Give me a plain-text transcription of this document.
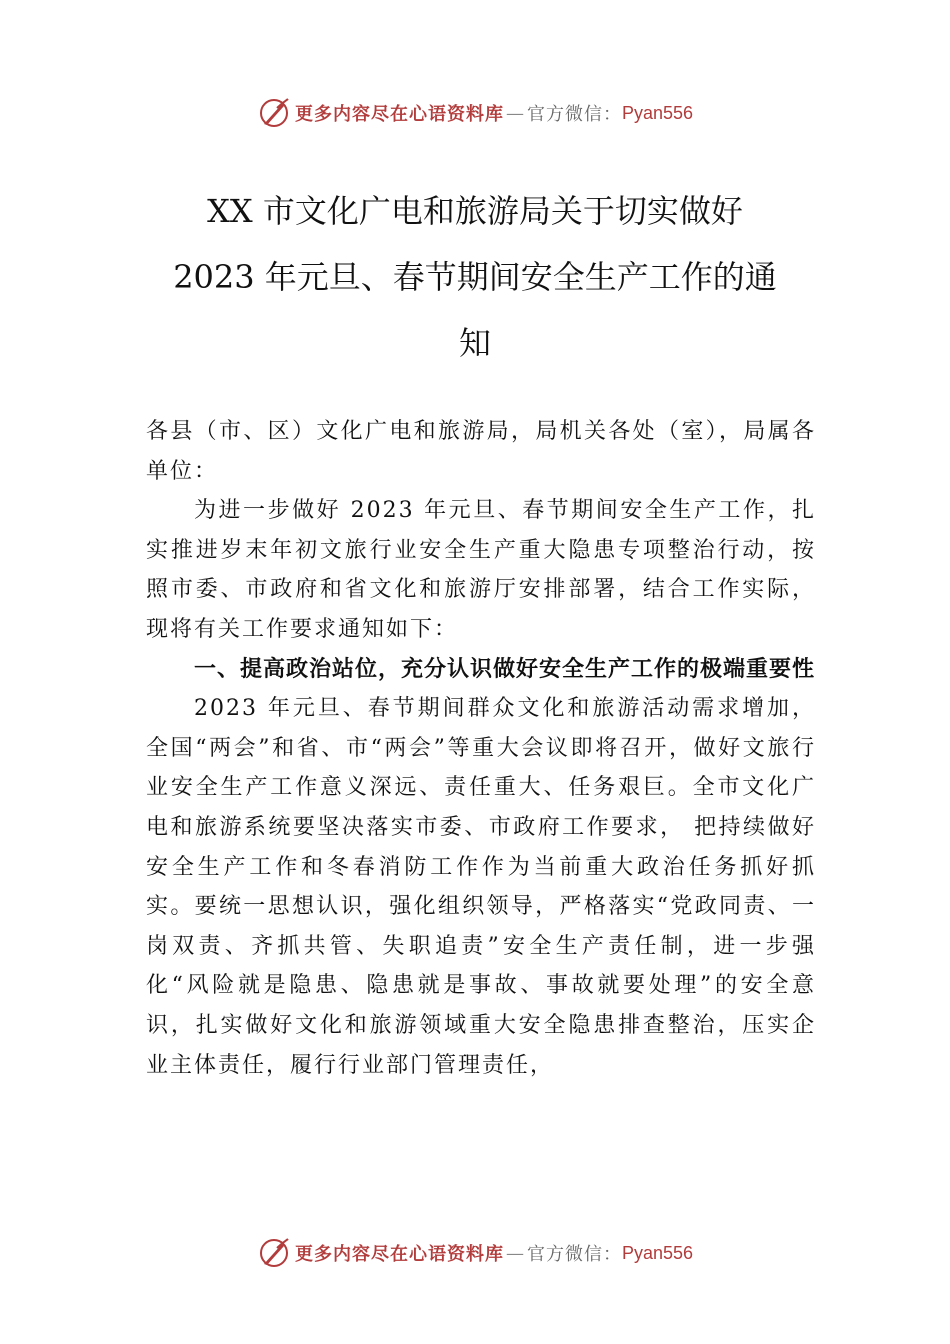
更多内容尽在心语资料库 — 官方微信： Pyan556
XX 市文化广电和旅游局关于切实做好
2023 年元旦、春节期间安全生产工作的通
知

各县（市、区）文化广电和旅游局，局机关各处（室），局属各单位：

为进一步做好 2023 年元旦、春节期间安全生产工作，扎实推进岁末年初文旅行业安全生产重大隐患专项整治行动，按照市委、市政府和省文化和旅游厅安排部署，结合工作实际，现将有关工作要求通知如下：

一、提高政治站位，充分认识做好安全生产工作的极端重要性

2023 年元旦、春节期间群众文化和旅游活动需求增加，全国“两会”和省、市“两会”等重大会议即将召开，做好文旅行业安全生产工作意义深远、责任重大、任务艰巨。全市文化广电和旅游系统要坚决落实市委、市政府工作要求， 把持续做好安全生产工作和冬春消防工作作为当前重大政治任务抓好抓实。要统一思想认识，强化组织领导，严格落实“党政同责、一岗双责、齐抓共管、失职追责”安全生产责任制，进一步强化“风险就是隐患、隐患就是事故、事故就要处理”的安全意识，扎实做好文化和旅游领域重大安全隐患排查整治，压实企业主体责任，履行行业部门管理责任，

更多内容尽在心语资料库 — 官方微信： Pyan556
